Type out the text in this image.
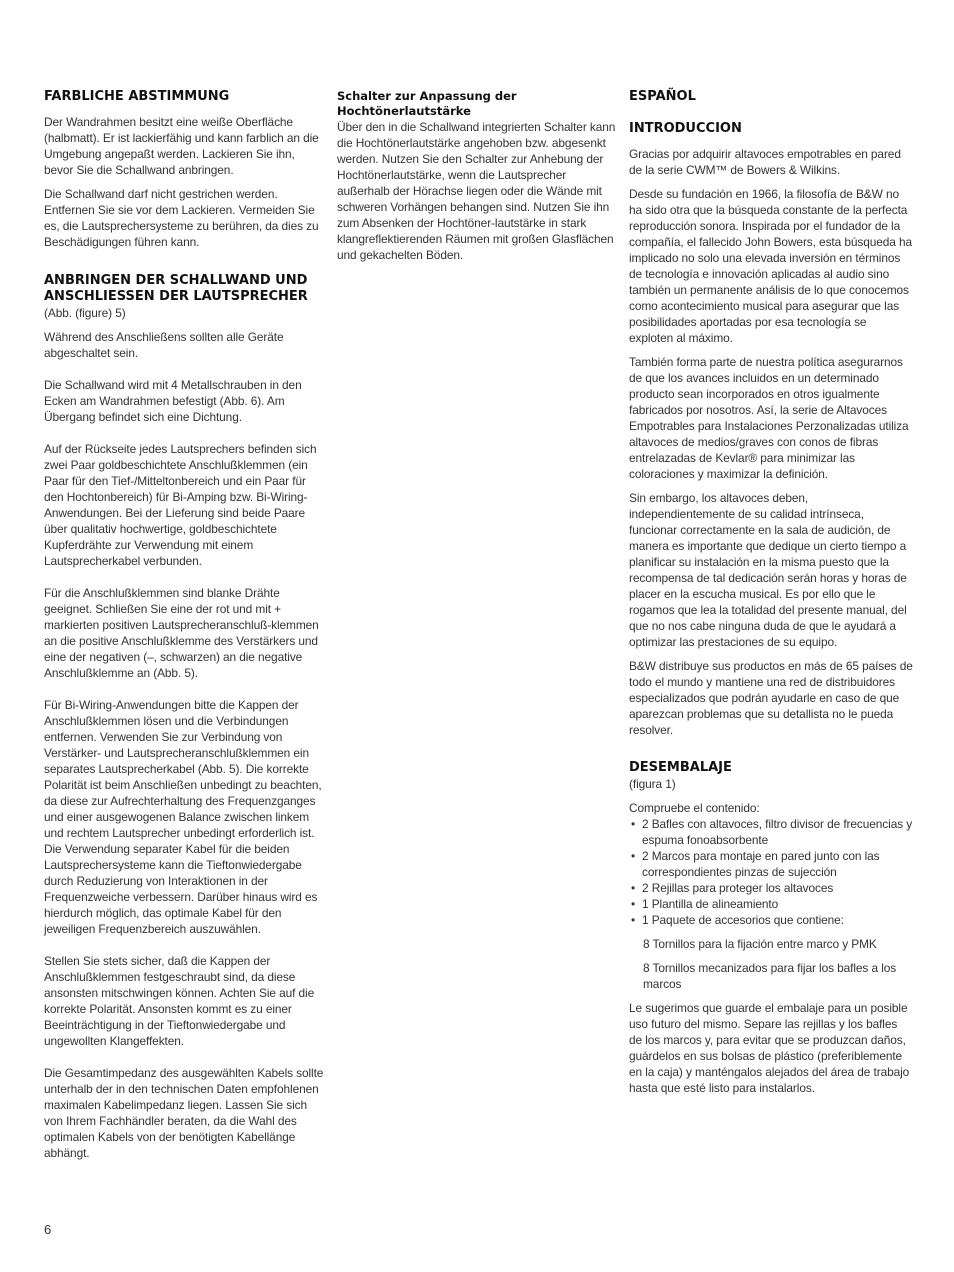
FARBLICHE ABSTIMMUNG

Der Wandrahmen besitzt eine weiße Oberfläche (halbmatt). Er ist lackierfähig und kann farblich an die Umgebung angepaßt werden. Lackieren Sie ihn, bevor Sie die Schallwand anbringen.

Die Schallwand darf nicht gestrichen werden. Entfernen Sie sie vor dem Lackieren. Vermeiden Sie es, die Lautsprechersysteme zu berühren, da dies zu Beschädigungen führen kann.

ANBRINGEN DER SCHALLWAND UND ANSCHLIESSEN DER LAUTSPRECHER

(Abb. (figure) 5)

Während des Anschließens sollten alle Geräte abgeschaltet sein.

Die Schallwand wird mit 4 Metallschrauben in den Ecken am Wandrahmen befestigt (Abb. 6). Am Übergang befindet sich eine Dichtung.

Auf der Rückseite jedes Lautsprechers befinden sich zwei Paar goldbeschichtete Anschlußklemmen (ein Paar für den Tief-/Mitteltonbereich und ein Paar für den Hochtonbereich) für Bi-Amping bzw. Bi-Wiring-Anwendungen. Bei der Lieferung sind beide Paare über qualitativ hochwertige, goldbeschichtete Kupferdrähte zur Verwendung mit einem Lautsprecherkabel verbunden.

Für die Anschlußklemmen sind blanke Drähte geeignet. Schließen Sie eine der rot und mit + markierten positiven Lautsprecheranschluß-klemmen an die positive Anschlußklemme des Verstärkers und eine der negativen (–, schwarzen) an die negative Anschlußklemme an (Abb. 5).

Für Bi-Wiring-Anwendungen bitte die Kappen der Anschlußklemmen lösen und die Verbindungen entfernen. Verwenden Sie zur Verbindung von Verstärker- und Lautsprecheranschlußklemmen ein separates Lautsprecherkabel (Abb. 5). Die korrekte Polarität ist beim Anschließen unbedingt zu beachten, da diese zur Aufrechterhaltung des Frequenzganges und einer ausgewogenen Balance zwischen linkem und rechtem Lautsprecher unbedingt erforderlich ist. Die Verwendung separater Kabel für die beiden Lautsprechersysteme kann die Tieftonwiedergabe durch Reduzierung von Interaktionen in der Frequenzweiche verbessern. Darüber hinaus wird es hierdurch möglich, das optimale Kabel für den jeweiligen Frequenzbereich auszuwählen.

Stellen Sie stets sicher, daß die Kappen der Anschlußklemmen festgeschraubt sind, da diese ansonsten mitschwingen können. Achten Sie auf die korrekte Polarität. Ansonsten kommt es zu einer Beeinträchtigung in der Tieftonwiedergabe und ungewollten Klangeffekten.

Die Gesamtimpedanz des ausgewählten Kabels sollte unterhalb der in den technischen Daten empfohlenen maximalen Kabelimpedanz liegen. Lassen Sie sich von Ihrem Fachhändler beraten, da die Wahl des optimalen Kabels von der benötigten Kabellänge abhängt.

Schalter zur Anpassung der Hochtönerlautstärke

Über den in die Schallwand integrierten Schalter kann die Hochtönerlautstärke angehoben bzw. abgesenkt werden. Nutzen Sie den Schalter zur Anhebung der Hochtönerlautstärke, wenn die Lautsprecher außerhalb der Hörachse liegen oder die Wände mit schweren Vorhängen behangen sind. Nutzen Sie ihn zum Absenken der Hochtöner-lautstärke in stark klangreflektierenden Räumen mit großen Glasflächen und gekachelten Böden.

ESPAÑOL
INTRODUCCION

Gracias por adquirir altavoces empotrables en pared de la serie CWM™ de Bowers & Wilkins.

Desde su fundación en 1966, la filosofía de B&W no ha sido otra que la búsqueda constante de la perfecta reproducción sonora. Inspirada por el fundador de la compañía, el fallecido John Bowers, esta búsqueda ha implicado no solo una elevada inversión en términos de tecnología e innovación aplicadas al audio sino también un permanente análisis de lo que conocemos como acontecimiento musical para asegurar que las posibilidades aportadas por esa tecnología se exploten al máximo.

También forma parte de nuestra política asegurarnos de que los avances incluidos en un determinado producto sean incorporados en otros igualmente fabricados por nosotros. Así, la serie de Altavoces Empotrables para Instalaciones Perzonalizadas utiliza altavoces de medios/graves con conos de fibras entrelazadas de Kevlar® para minimizar las coloraciones y maximizar la definición.

Sin embargo, los altavoces deben, independientemente de su calidad intrínseca, funcionar correctamente en la sala de audición, de manera es importante que dedique un cierto tiempo a planificar su instalación en la misma puesto que la recompensa de tal dedicación serán horas y horas de placer en la escucha musical. Es por ello que le rogamos que lea la totalidad del presente manual, del que no nos cabe ninguna duda de que le ayudará a optimizar las prestaciones de su equipo.

B&W distribuye sus productos en más de 65 países de todo el mundo y mantiene una red de distribuidores especializados que podrán ayudarle en caso de que aparezcan problemas que su detallista no le pueda resolver.

DESEMBALAJE

(figura 1)

Compruebe el contenido:

• 2 Bafles con altavoces, filtro divisor de frecuencias y espuma fonoabsorbente
• 2 Marcos para montaje en pared junto con las correspondientes pinzas de sujección
• 2 Rejillas para proteger los altavoces
• 1 Plantilla de alineamiento
• 1 Paquete de accesorios que contiene:

8 Tornillos para la fijación entre marco y PMK

8 Tornillos mecanizados para fijar los bafles a los marcos

Le sugerimos que guarde el embalaje para un posible uso futuro del mismo. Separe las rejillas y los bafles de los marcos y, para evitar que se produzcan daños, guárdelos en sus bolsas de plástico (preferiblemente en la caja) y manténgalos alejados del área de trabajo hasta que esté listo para instalarlos.

6
